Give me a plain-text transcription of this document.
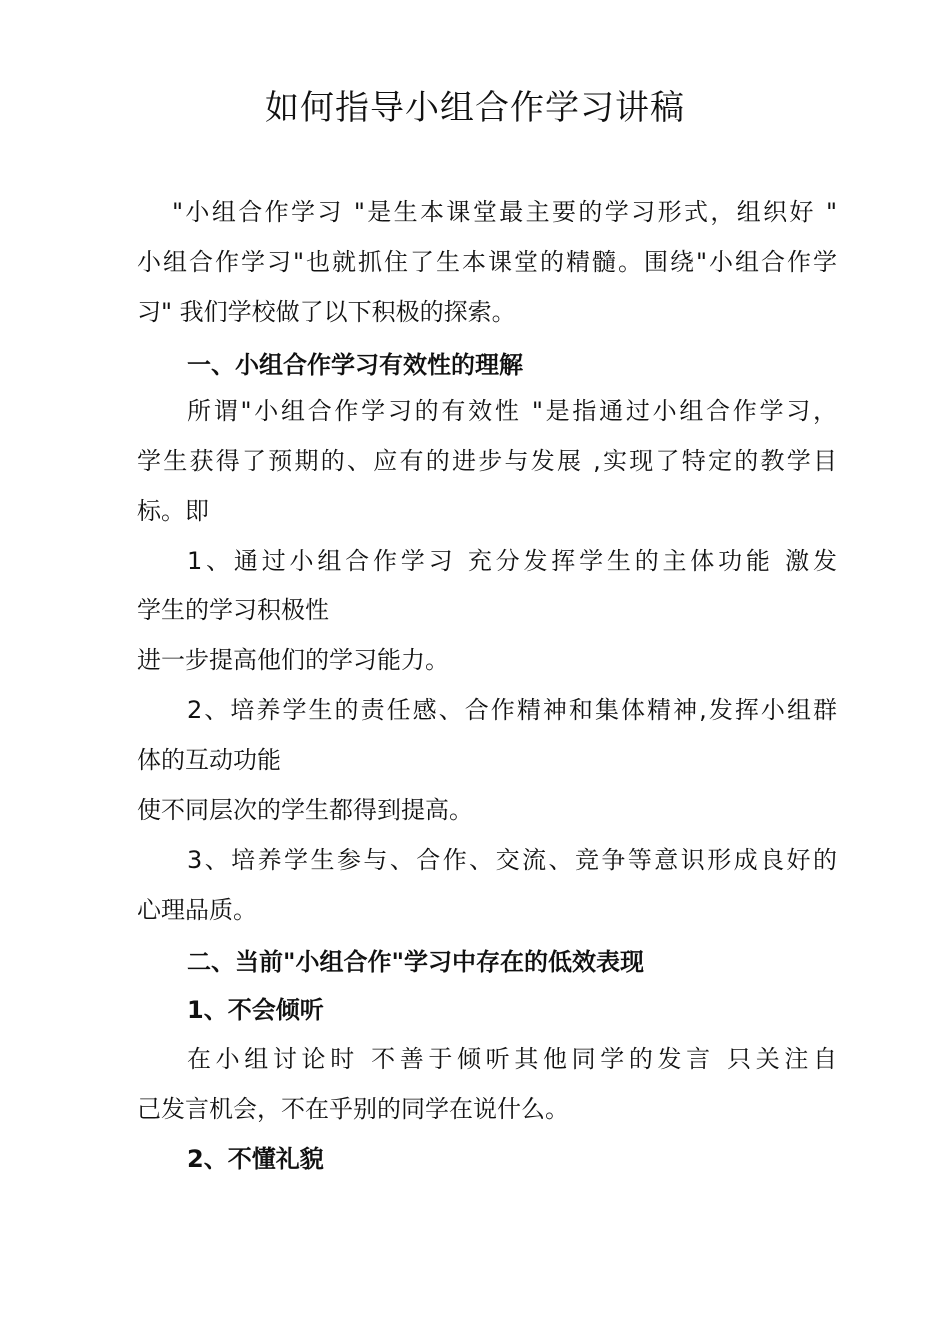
如何指导小组合作学习讲稿

"小组合作学习 "是生本课堂最主要的学习形式，组织好 "

小组合作学习"也就抓住了生本课堂的精髓。围绕"小组合作学

习" 我们学校做了以下积极的探索。

一、小组合作学习有效性的理解

所谓"小组合作学习的有效性 "是指通过小组合作学习，

学生获得了预期的、应有的进步与发展 ,实现了特定的教学目

标。即

1、通过小组合作学习 充分发挥学生的主体功能 激发

学生的学习积极性

进一步提高他们的学习能力。

2、培养学生的责任感、合作精神和集体精神,发挥小组群

体的互动功能

使不同层次的学生都得到提高。

3、培养学生参与、合作、交流、竞争等意识形成良好的

心理品质。

二、当前"小组合作"学习中存在的低效表现

1、不会倾听

在小组讨论时 不善于倾听其他同学的发言 只关注自

己发言机会，不在乎别的同学在说什么。

2、不懂礼貌
